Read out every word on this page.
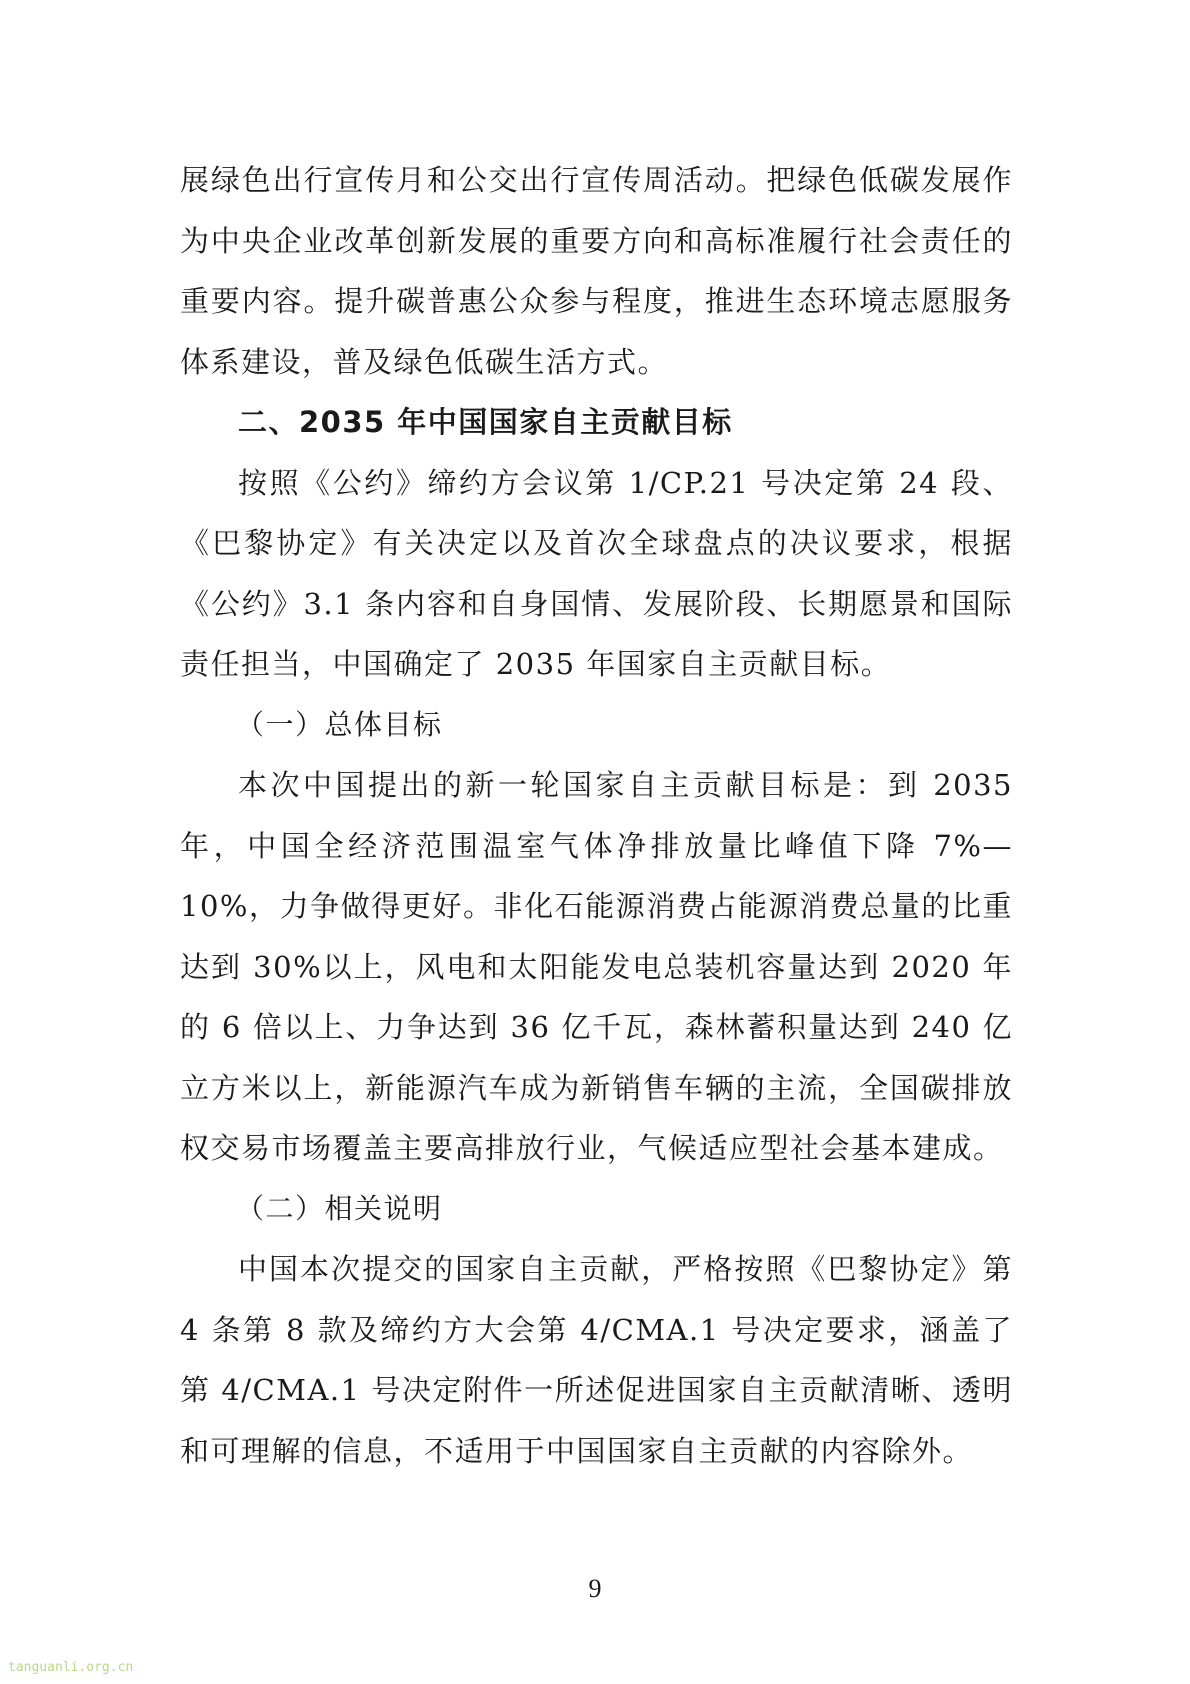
展绿色出行宣传月和公交出行宣传周活动。把绿色低碳发展作为中央企业改革创新发展的重要方向和高标准履行社会责任的重要内容。提升碳普惠公众参与程度，推进生态环境志愿服务体系建设，普及绿色低碳生活方式。

二、2035 年中国国家自主贡献目标

按照《公约》缔约方会议第 1/CP.21 号决定第 24 段、《巴黎协定》有关决定以及首次全球盘点的决议要求，根据《公约》3.1 条内容和自身国情、发展阶段、长期愿景和国际责任担当，中国确定了 2035 年国家自主贡献目标。

（一）总体目标

本次中国提出的新一轮国家自主贡献目标是：到 2035 年，中国全经济范围温室气体净排放量比峰值下降 7%—10%，力争做得更好。非化石能源消费占能源消费总量的比重达到 30%以上，风电和太阳能发电总装机容量达到 2020 年的 6 倍以上、力争达到 36 亿千瓦，森林蓄积量达到 240 亿立方米以上，新能源汽车成为新销售车辆的主流，全国碳排放权交易市场覆盖主要高排放行业，气候适应型社会基本建成。

（二）相关说明

中国本次提交的国家自主贡献，严格按照《巴黎协定》第 4 条第 8 款及缔约方大会第 4/CMA.1 号决定要求，涵盖了第 4/CMA.1 号决定附件一所述促进国家自主贡献清晰、透明和可理解的信息，不适用于中国国家自主贡献的内容除外。

9
tanguanli.org.cn
